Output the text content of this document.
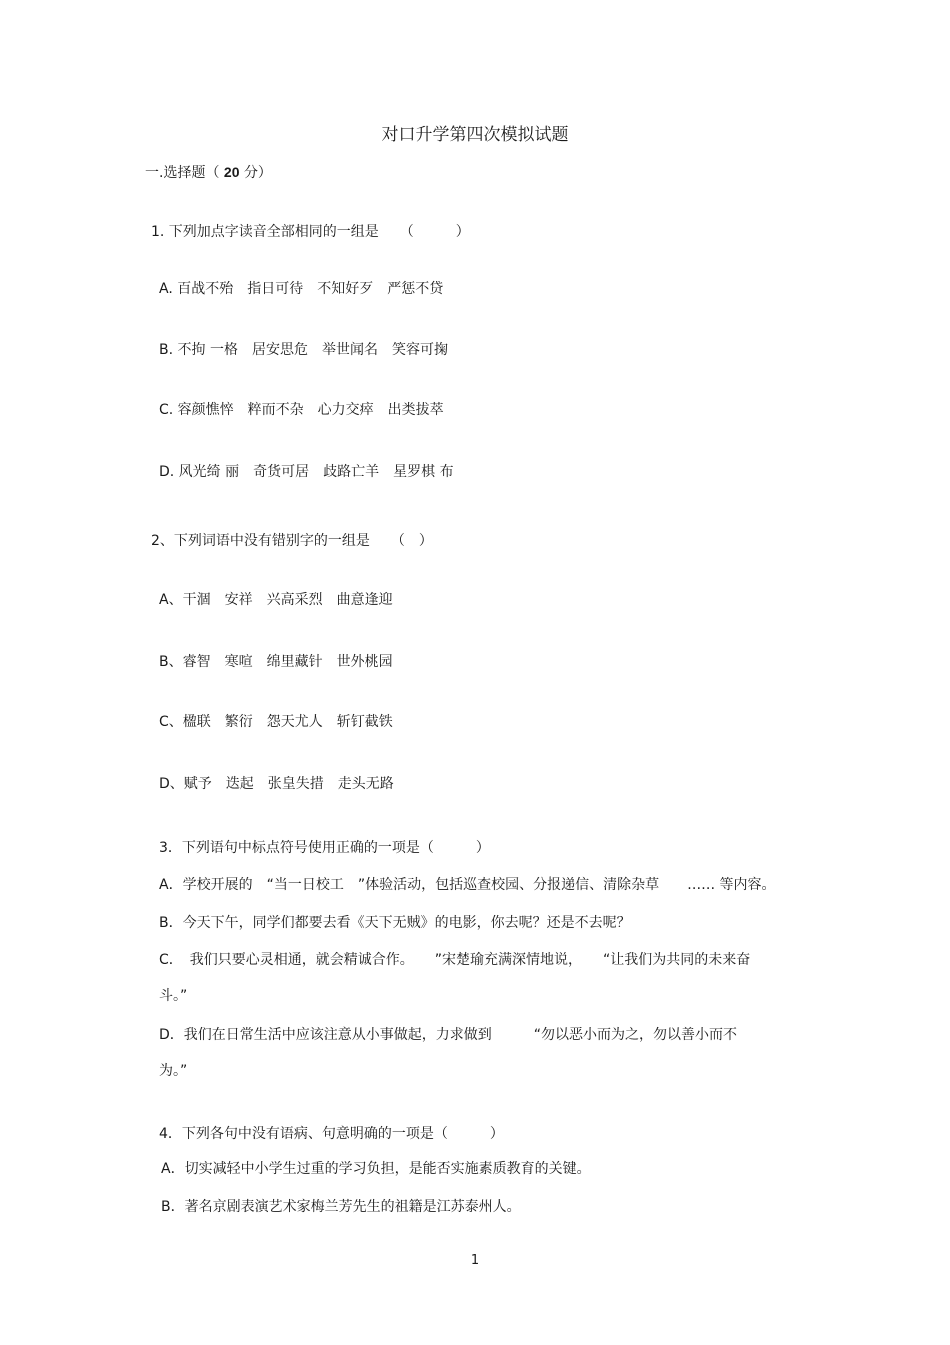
对口升学第四次模拟试题
一.选择题（ 20 分）
1. 下列加点字读音全部相同的一组是　　（　　　）
A. 百战不殆　指日可待　不知好歹　严惩不贷
B. 不拘 一格　居安思危　举世闻名　笑容可掬
C. 容颜憔悴　粹而不杂　心力交瘁　出类拔萃
D. 风光绮 丽　奇货可居　歧路亡羊　星罗棋 布
2、下列词语中没有错别字的一组是　　（　）
A、干涸　安祥　兴高采烈　曲意逢迎
B、睿智　寒喧　绵里藏针　世外桃园
C、楹联　繁衍　怨天尤人　斩钉截铁
D、赋予　迭起　张皇失措　走头无路
3．下列语句中标点符号使用正确的一项是（　　　）
A．学校开展的　“当一日校工　”体验活动，包括巡查校园、分报递信、清除杂草　　…… 等内容。
B．今天下午，同学们都要去看《天下无贼》的电影，你去呢？还是不去呢？
C．　我们只要心灵相通，就会精诚合作。　　”宋楚瑜充满深情地说，　　“让我们为共同的未来奋
斗。”
D．我们在日常生活中应该注意从小事做起，力求做到　　　“勿以恶小而为之，勿以善小而不
为。”
4．下列各句中没有语病、句意明确的一项是（　　　）
A．切实减轻中小学生过重的学习负担，是能否实施素质教育的关键。
B．著名京剧表演艺术家梅兰芳先生的祖籍是江苏泰州人。
1
